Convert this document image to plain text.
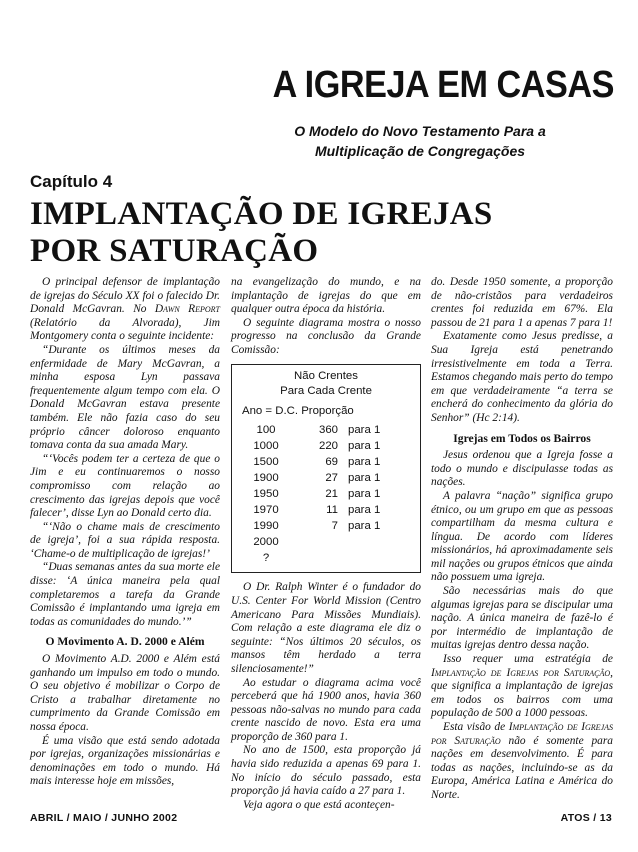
A IGREJA EM CASAS
O Modelo do Novo Testamento Para a
Multiplicação de Congregações
Capítulo 4
IMPLANTAÇÃO DE IGREJAS
POR SATURAÇÃO

O principal defensor de implantação de igrejas do Século XX foi o falecido Dr. Donald McGavran. No Dawn Report (Relatório da Alvorada), Jim Montgomery conta o seguinte incidente:

“Durante os últimos meses da enfermidade de Mary McGavran, a minha esposa Lyn passava frequentemente algum tempo com ela. O Donald McGavran estava presente também. Ele não fazia caso do seu próprio câncer doloroso enquanto tomava conta da sua amada Mary.

“‘Vocês podem ter a certeza de que o Jim e eu continuaremos o nosso compromisso com relação ao crescimento das igrejas depois que você falecer’, disse Lyn ao Donald certo dia.

“‘Não o chame mais de crescimento de igreja’, foi a sua rápida resposta. ‘Chame-o de multiplicação de igrejas!’

“Duas semanas antes da sua morte ele disse: ‘A única maneira pela qual completaremos a tarefa da Grande Comissão é implantando uma igreja em todas as comunidades do mundo.’”

O Movimento A. D. 2000 e Além

O Movimento A.D. 2000 e Além está ganhando um impulso em todo o mundo. O seu objetivo é mobilizar o Corpo de Cristo a trabalhar diretamente no cumprimento da Grande Comissão em nossa época.

É uma visão que está sendo adotada por igrejas, organizações missionárias e denominações em todo o mundo. Há mais interesse hoje em missões,

na evangelização do mundo, e na implantação de igrejas do que em qualquer outra época da história.

O seguinte diagrama mostra o nosso progresso na conclusão da Grande Comissão:

Não Crentes
Para Cada Crente
Ano = D.C. Proporção
100	360	para 1
1000	220	para 1
1500	69	para 1
1900	27	para 1
1950	21	para 1
1970	11	para 1
1990	7	para 1
2000		
?		

O Dr. Ralph Winter é o fundador do U.S. Center For World Mission (Centro Americano Para Missões Mundiais). Com relação a este diagrama ele diz o seguinte: “Nos últimos 20 séculos, os mansos têm herdado a terra silenciosamente!”

Ao estudar o diagrama acima você perceberá que há 1900 anos, havia 360 pessoas não-salvas no mundo para cada crente nascido de novo. Esta era uma proporção de 360 para 1.

No ano de 1500, esta proporção já havia sido reduzida a apenas 69 para 1. No início do século passado, esta proporção já havia caído a 27 para 1.

Veja agora o que está aconteçen-

do. Desde 1950 somente, a proporção de não-cristãos para verdadeiros crentes foi reduzida em 67%. Ela passou de 21 para 1 a apenas 7 para 1!

Exatamente como Jesus predisse, a Sua Igreja está penetrando irresistivelmente em toda a Terra. Estamos chegando mais perto do tempo em que verdadeiramente “a terra se encherá do conhecimento da glória do Senhor” (Hc 2:14).

Igrejas em Todos os Bairros

Jesus ordenou que a Igreja fosse a todo o mundo e discipulasse todas as nações.

A palavra “nação” significa grupo étnico, ou um grupo em que as pessoas compartilham da mesma cultura e língua. De acordo com líderes missionários, há aproximadamente seis mil nações ou grupos étnicos que ainda não possuem uma igreja.

São necessárias mais do que algumas igrejas para se discipular uma nação. A única maneira de fazê-lo é por intermédio de implantação de muitas igrejas dentro dessa nação.

Isso requer uma estratégia de Implantação de Igrejas por Saturação, que significa a implantação de igrejas em todos os bairros com uma população de 500 a 1000 pessoas.

Esta visão de Implantação de Igrejas por Saturação não é somente para nações em desenvolvimento. É para todas as nações, incluindo-se as da Europa, América Latina e América do Norte.

ABRIL / MAIO / JUNHO 2002	ATOS / 13
